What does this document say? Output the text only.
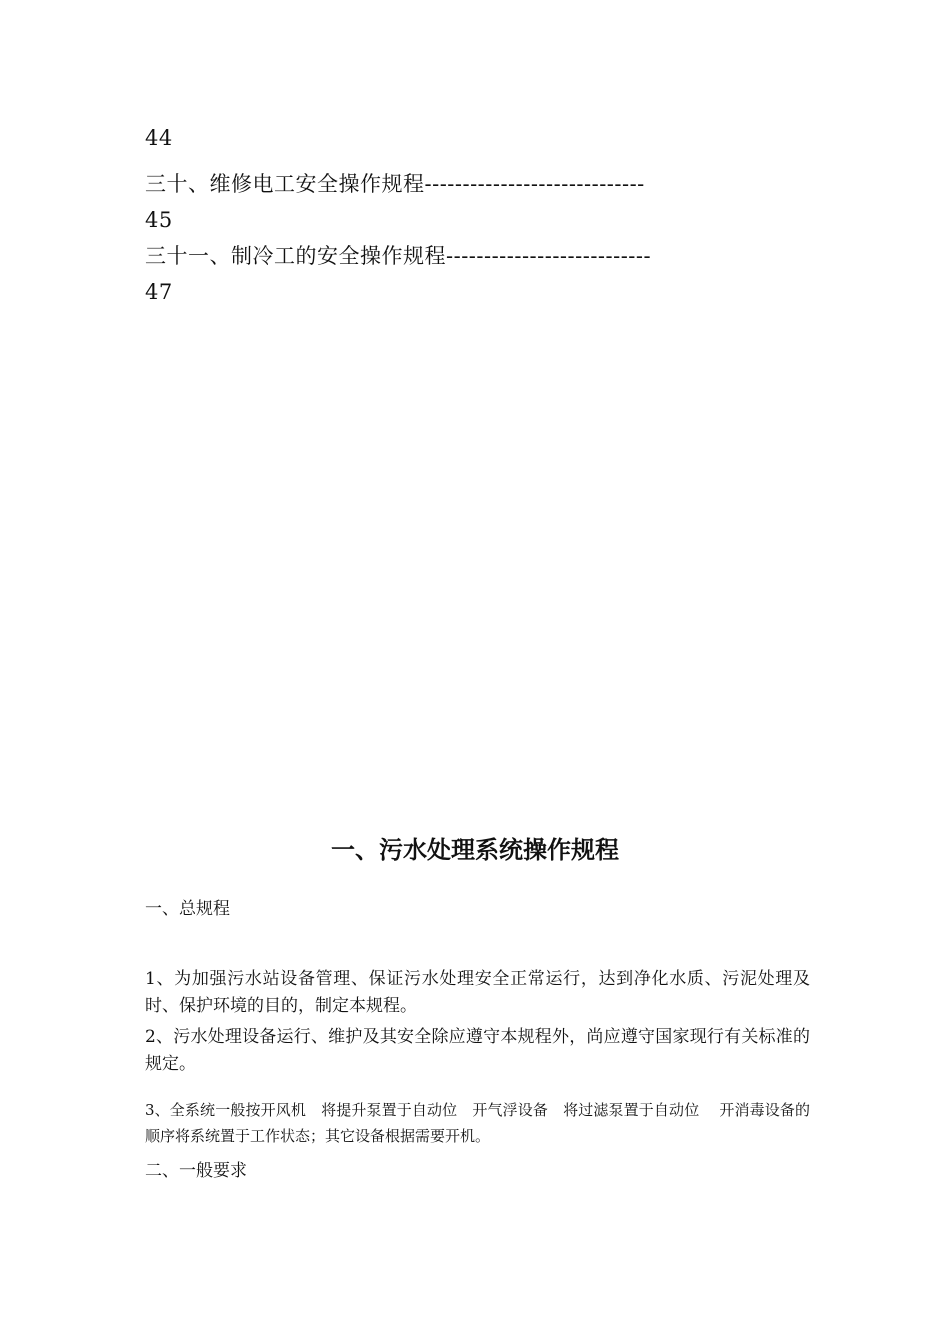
44
三十、维修电工安全操作规程-----------------------------
45
三十一、制冷工的安全操作规程---------------------------
47
一、污水处理系统操作规程
一、总规程
1、为加强污水站设备管理、保证污水处理安全正常运行，达到净化水质、污泥处理及时、保护环境的目的，制定本规程。
2、污水处理设备运行、维护及其安全除应遵守本规程外，尚应遵守国家现行有关标准的规定。
3、全系统一般按开风机　将提升泵置于自动位　开气浮设备　将过滤泵置于自动位　 开消毒设备的顺序将系统置于工作状态；其它设备根据需要开机。
二、一般要求
